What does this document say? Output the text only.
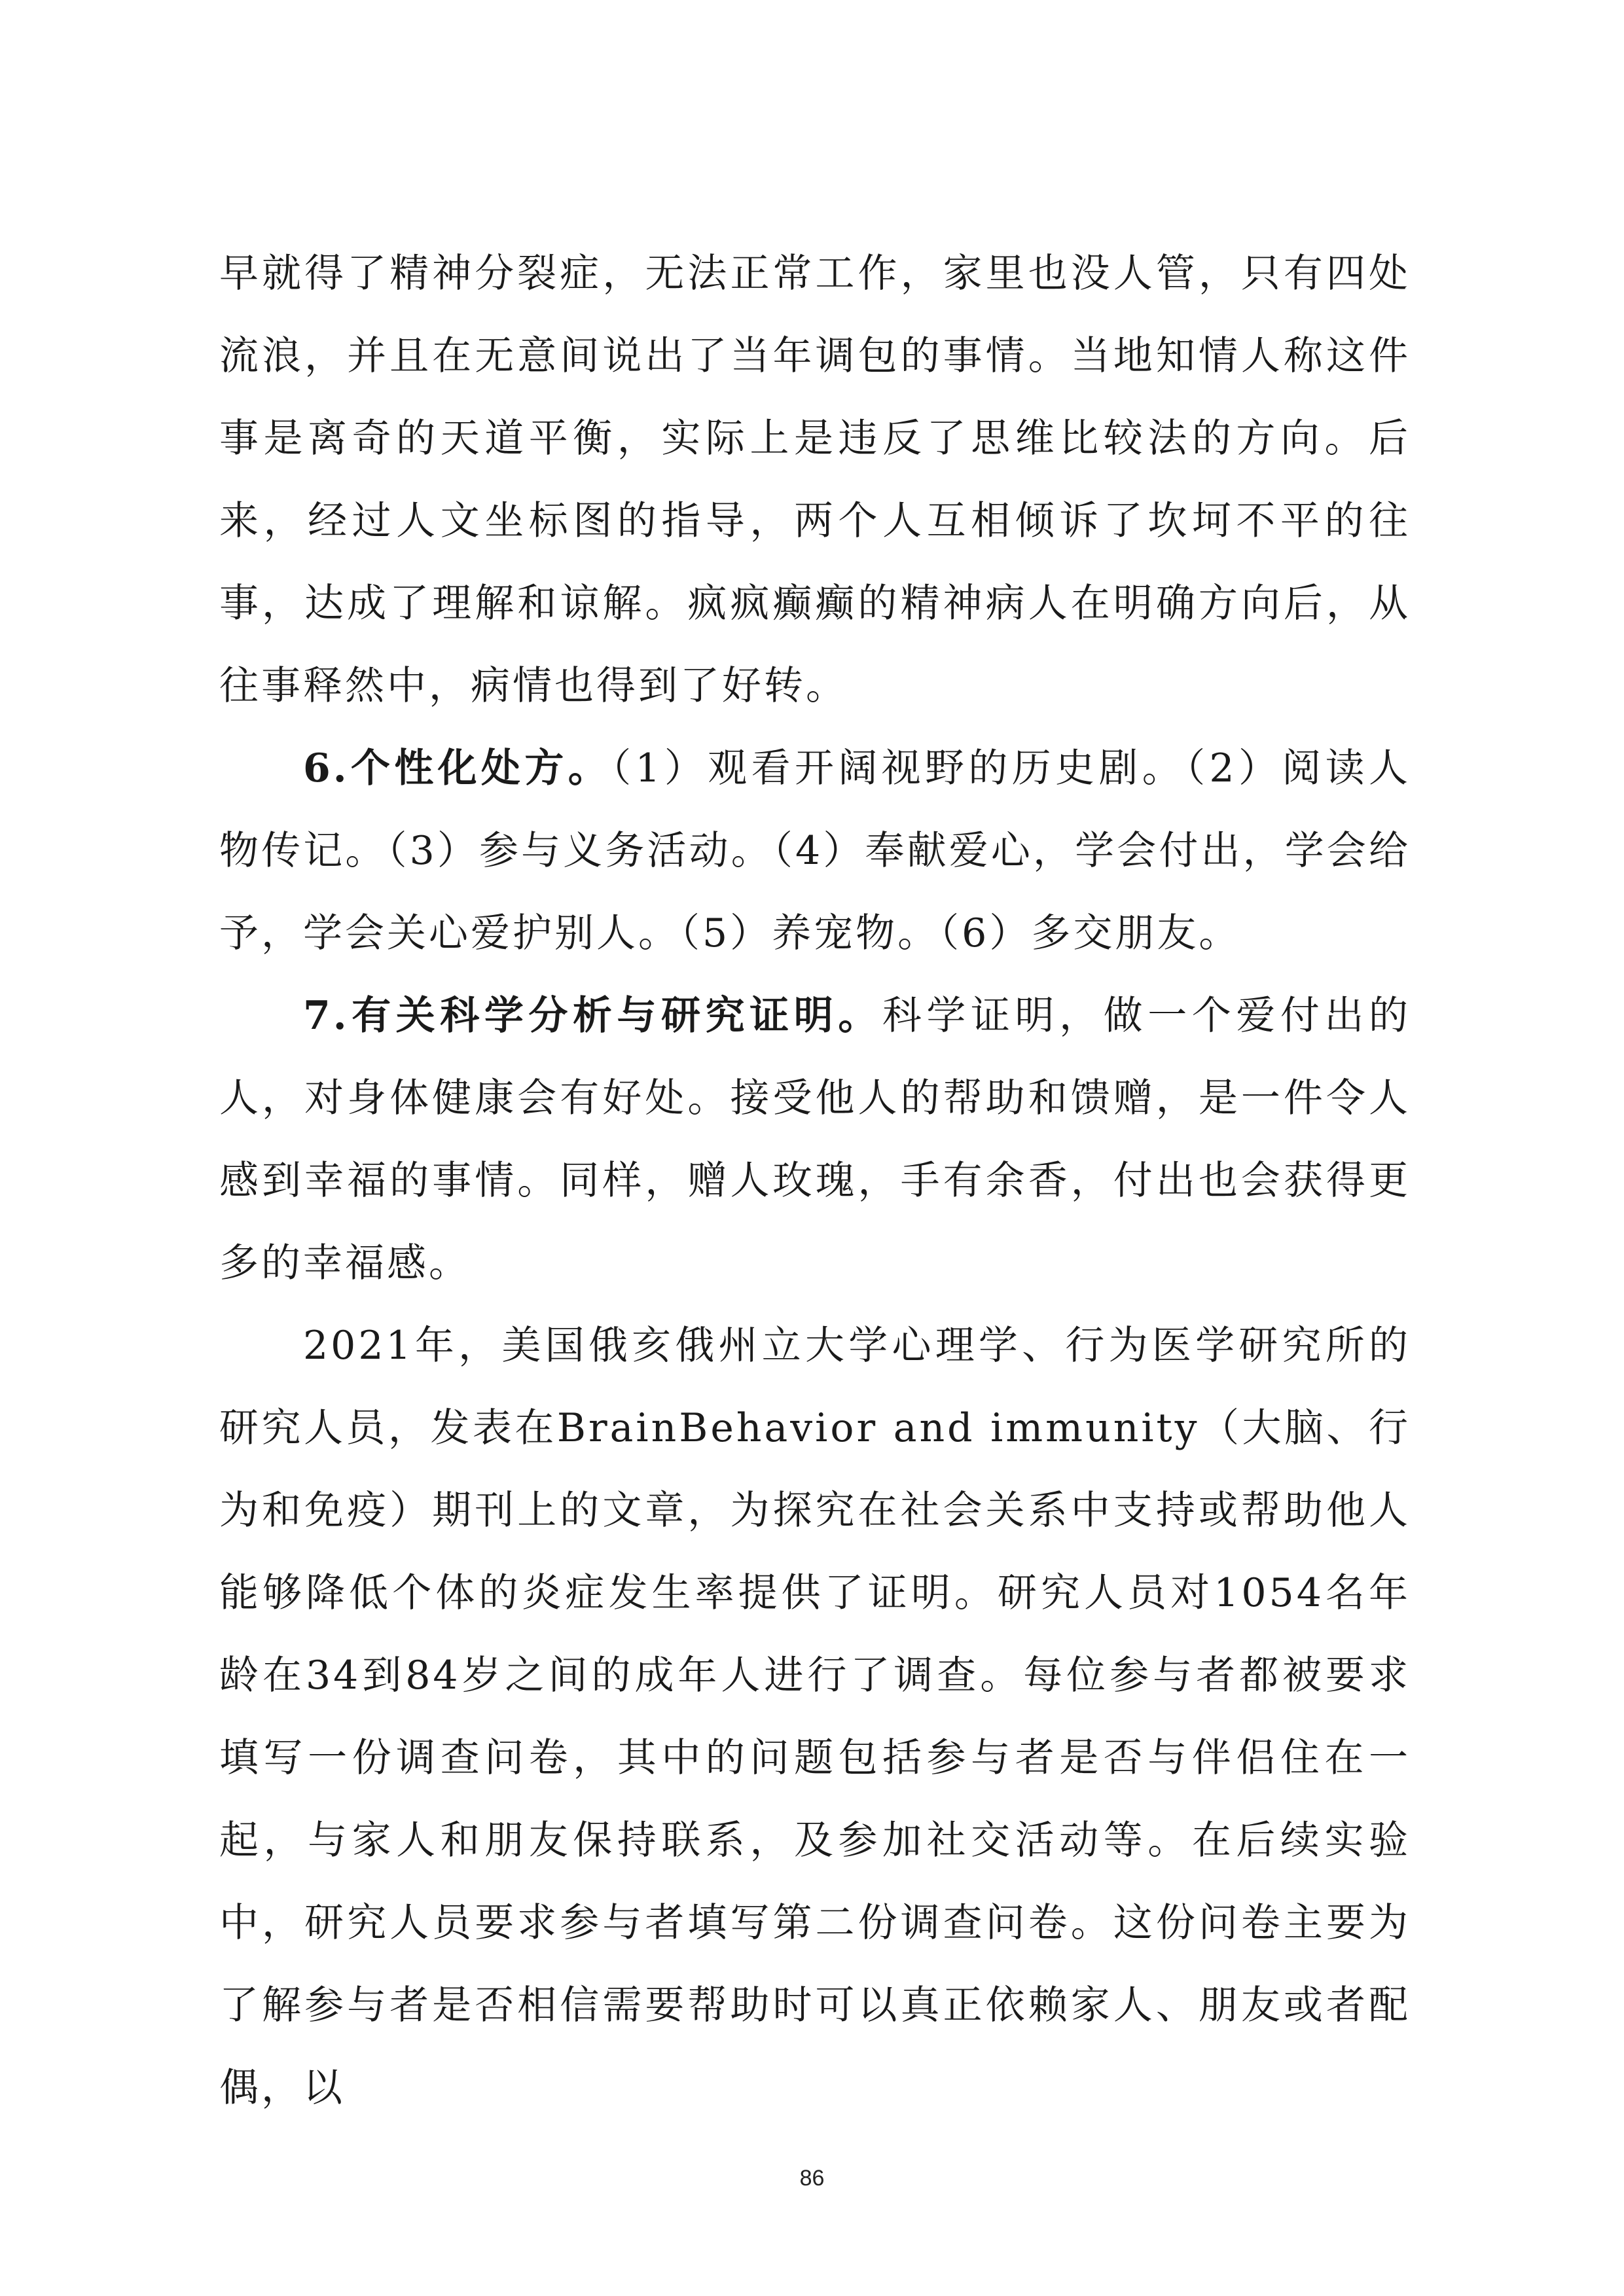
早就得了精神分裂症，无法正常工作，家里也没人管，只有四处流浪，并且在无意间说出了当年调包的事情。当地知情人称这件事是离奇的天道平衡，实际上是违反了思维比较法的方向。后来，经过人文坐标图的指导，两个人互相倾诉了坎坷不平的往事，达成了理解和谅解。疯疯癫癫的精神病人在明确方向后，从往事释然中，病情也得到了好转。

6.个性化处方。（1）观看开阔视野的历史剧。（2）阅读人物传记。（3）参与义务活动。（4）奉献爱心，学会付出，学会给予，学会关心爱护别人。（5）养宠物。（6）多交朋友。

7.有关科学分析与研究证明。科学证明，做一个爱付出的人，对身体健康会有好处。接受他人的帮助和馈赠，是一件令人感到幸福的事情。同样，赠人玫瑰，手有余香，付出也会获得更多的幸福感。

2021年，美国俄亥俄州立大学心理学、行为医学研究所的研究人员，发表在BrainBehavior and immunity（大脑、行为和免疫）期刊上的文章，为探究在社会关系中支持或帮助他人能够降低个体的炎症发生率提供了证明。研究人员对1054名年龄在34到84岁之间的成年人进行了调查。每位参与者都被要求填写一份调查问卷，其中的问题包括参与者是否与伴侣住在一起，与家人和朋友保持联系，及参加社交活动等。在后续实验中，研究人员要求参与者填写第二份调查问卷。这份问卷主要为了解参与者是否相信需要帮助时可以真正依赖家人、朋友或者配偶，以

86
